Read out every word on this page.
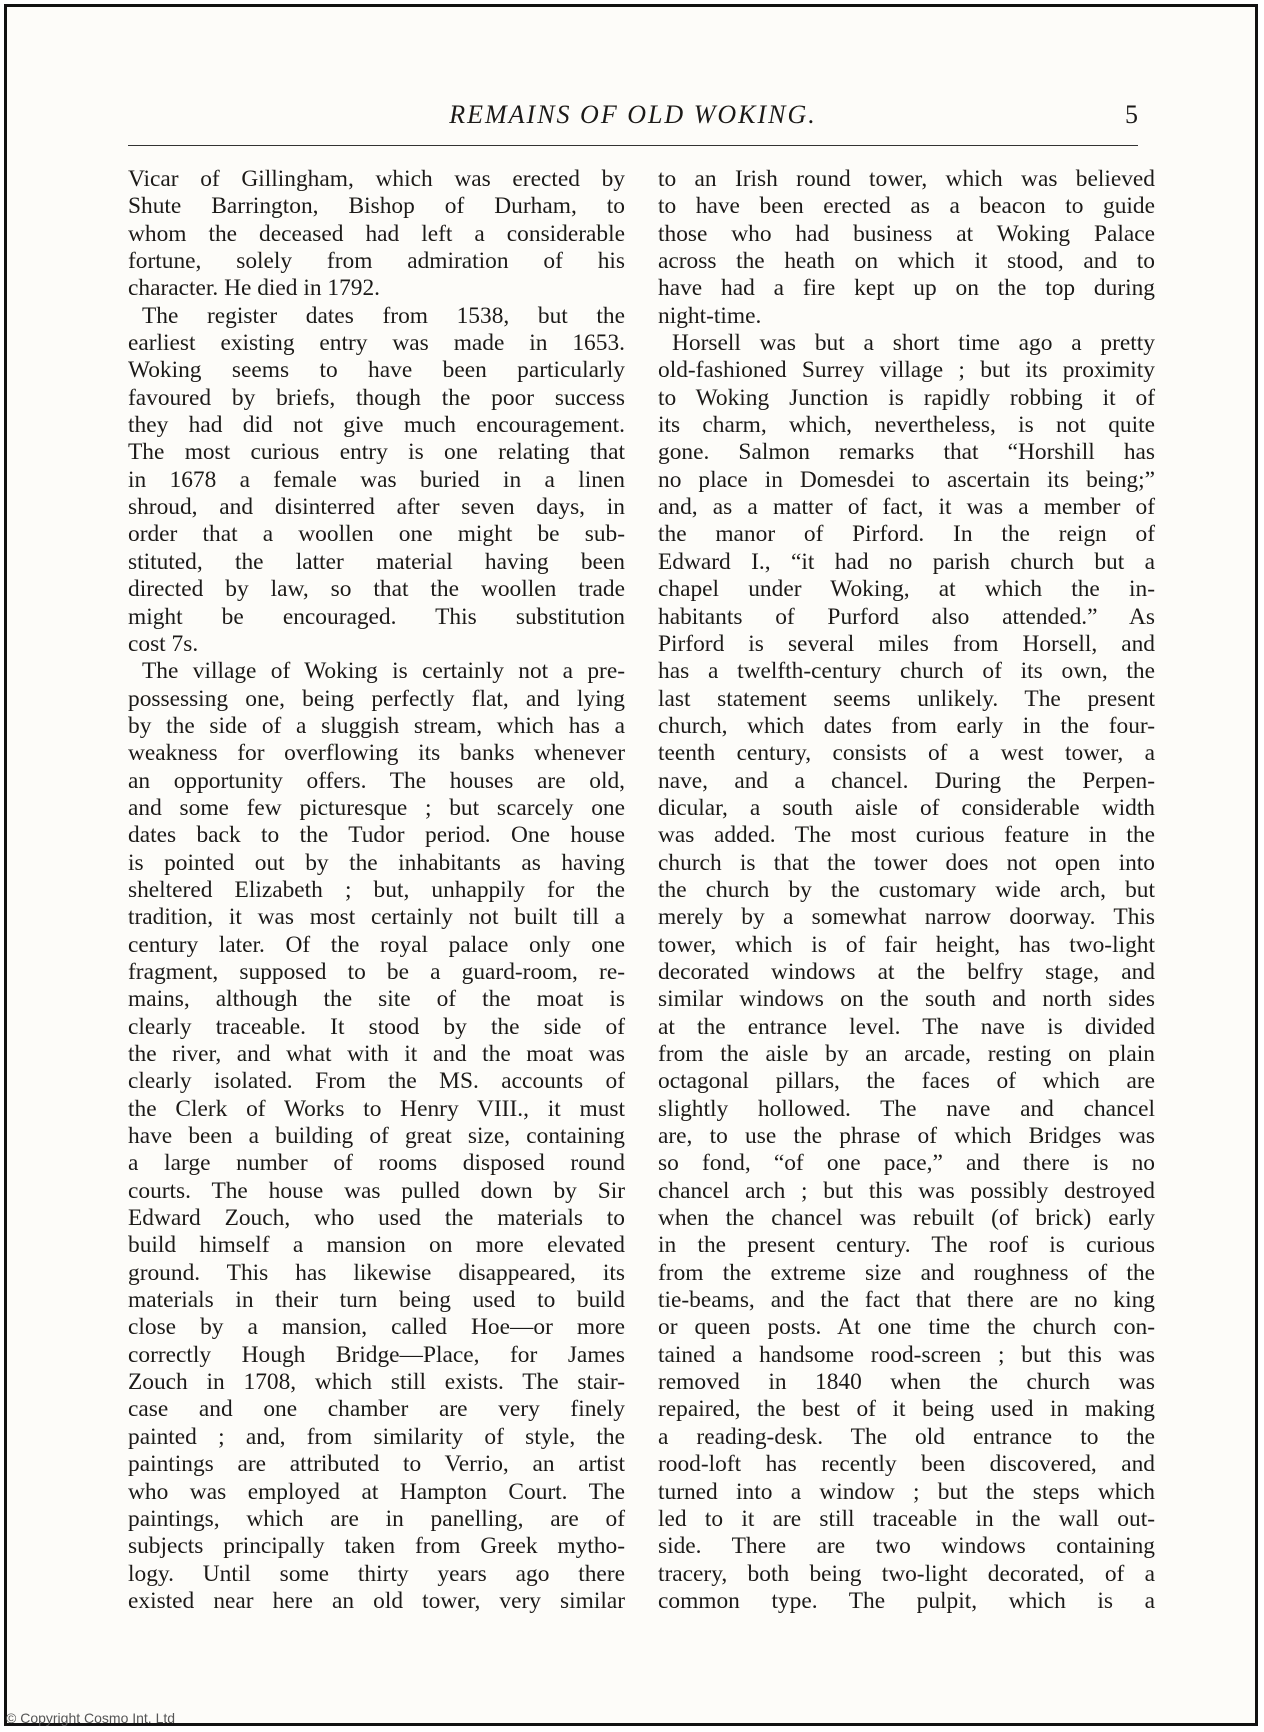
REMAINS OF OLD WOKING.	5
Vicar of Gillingham, which was erected by
Shute Barrington, Bishop of Durham, to
whom the deceased had left a considerable
fortune, solely from admiration of his
character. He died in 1792.
The register dates from 1538, but the
earliest existing entry was made in 1653.
Woking seems to have been particularly
favoured by briefs, though the poor success
they had did not give much encouragement.
The most curious entry is one relating that
in 1678 a female was buried in a linen
shroud, and disinterred after seven days, in
order that a woollen one might be sub-
stituted, the latter material having been
directed by law, so that the woollen trade
might be encouraged. This substitution
cost 7s.
The village of Woking is certainly not a pre-
possessing one, being perfectly flat, and lying
by the side of a sluggish stream, which has a
weakness for overflowing its banks whenever
an opportunity offers. The houses are old,
and some few picturesque ; but scarcely one
dates back to the Tudor period. One house
is pointed out by the inhabitants as having
sheltered Elizabeth ; but, unhappily for the
tradition, it was most certainly not built till a
century later. Of the royal palace only one
fragment, supposed to be a guard-room, re-
mains, although the site of the moat is
clearly traceable. It stood by the side of
the river, and what with it and the moat was
clearly isolated. From the MS. accounts of
the Clerk of Works to Henry VIII., it must
have been a building of great size, containing
a large number of rooms disposed round
courts. The house was pulled down by Sir
Edward Zouch, who used the materials to
build himself a mansion on more elevated
ground. This has likewise disappeared, its
materials in their turn being used to build
close by a mansion, called Hoe—or more
correctly Hough Bridge—Place, for James
Zouch in 1708, which still exists. The stair-
case and one chamber are very finely
painted ; and, from similarity of style, the
paintings are attributed to Verrio, an artist
who was employed at Hampton Court. The
paintings, which are in panelling, are of
subjects principally taken from Greek mytho-
logy. Until some thirty years ago there
existed near here an old tower, very similar
to an Irish round tower, which was believed
to have been erected as a beacon to guide
those who had business at Woking Palace
across the heath on which it stood, and to
have had a fire kept up on the top during
night-time.
Horsell was but a short time ago a pretty
old-fashioned Surrey village ; but its proximity
to Woking Junction is rapidly robbing it of
its charm, which, nevertheless, is not quite
gone. Salmon remarks that “Horshill has
no place in Domesdei to ascertain its being;”
and, as a matter of fact, it was a member of
the manor of Pirford. In the reign of
Edward I., “it had no parish church but a
chapel under Woking, at which the in-
habitants of Purford also attended.” As
Pirford is several miles from Horsell, and
has a twelfth-century church of its own, the
last statement seems unlikely. The present
church, which dates from early in the four-
teenth century, consists of a west tower, a
nave, and a chancel. During the Perpen-
dicular, a south aisle of considerable width
was added. The most curious feature in the
church is that the tower does not open into
the church by the customary wide arch, but
merely by a somewhat narrow doorway. This
tower, which is of fair height, has two-light
decorated windows at the belfry stage, and
similar windows on the south and north sides
at the entrance level. The nave is divided
from the aisle by an arcade, resting on plain
octagonal pillars, the faces of which are
slightly hollowed. The nave and chancel
are, to use the phrase of which Bridges was
so fond, “of one pace,” and there is no
chancel arch ; but this was possibly destroyed
when the chancel was rebuilt (of brick) early
in the present century. The roof is curious
from the extreme size and roughness of the
tie-beams, and the fact that there are no king
or queen posts. At one time the church con-
tained a handsome rood-screen ; but this was
removed in 1840 when the church was
repaired, the best of it being used in making
a reading-desk. The old entrance to the
rood-loft has recently been discovered, and
turned into a window ; but the steps which
led to it are still traceable in the wall out-
side. There are two windows containing
tracery, both being two-light decorated, of a
common type. The pulpit, which is a
© Copyright Cosmo Int. Ltd
